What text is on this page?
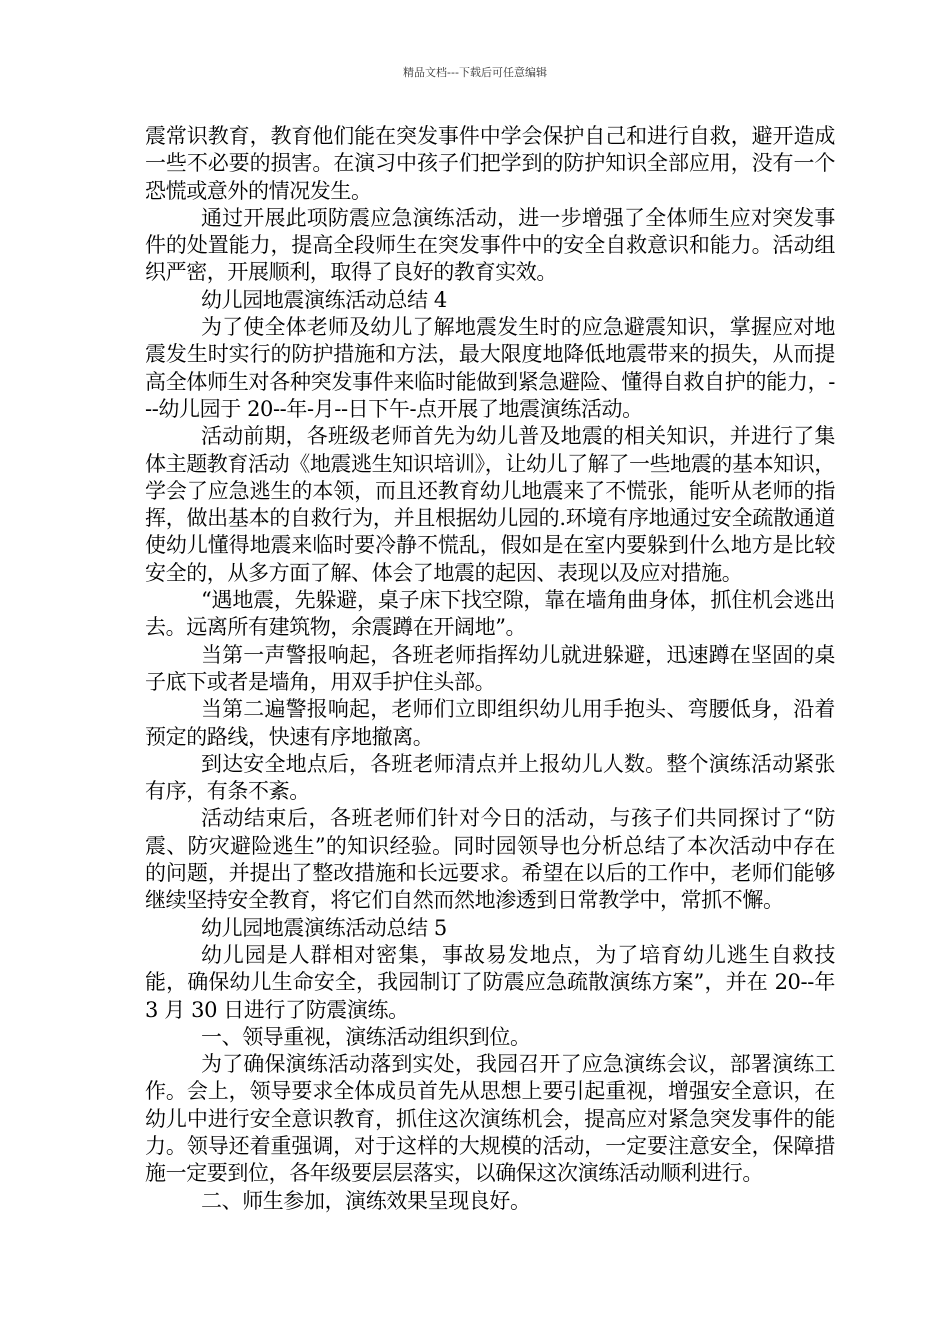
精品文档---下载后可任意编辑

震常识教育，教育他们能在突发事件中学会保护自己和进行自救，避开造成一些不必要的损害。在演习中孩子们把学到的防护知识全部应用，没有一个恐慌或意外的情况发生。

通过开展此项防震应急演练活动，进一步增强了全体师生应对突发事件的处置能力，提高全段师生在突发事件中的安全自救意识和能力。活动组织严密，开展顺利，取得了良好的教育实效。

幼儿园地震演练活动总结 4

为了使全体老师及幼儿了解地震发生时的应急避震知识，掌握应对地震发生时实行的防护措施和方法，最大限度地降低地震带来的损失，从而提高全体师生对各种突发事件来临时能做到紧急避险、懂得自救自护的能力，---幼儿园于 20--年-月--日下午-点开展了地震演练活动。

活动前期，各班级老师首先为幼儿普及地震的相关知识，并进行了集体主题教育活动《地震逃生知识培训》，让幼儿了解了一些地震的基本知识，学会了应急逃生的本领，而且还教育幼儿地震来了不慌张，能听从老师的指挥，做出基本的自救行为，并且根据幼儿园的.环境有序地通过安全疏散通道使幼儿懂得地震来临时要冷静不慌乱，假如是在室内要躲到什么地方是比较安全的，从多方面了解、体会了地震的起因、表现以及应对措施。

“遇地震，先躲避，桌子床下找空隙，靠在墙角曲身体，抓住机会逃出去。远离所有建筑物，余震蹲在开阔地”。

当第一声警报响起，各班老师指挥幼儿就进躲避，迅速蹲在坚固的桌子底下或者是墙角，用双手护住头部。

当第二遍警报响起，老师们立即组织幼儿用手抱头、弯腰低身，沿着预定的路线，快速有序地撤离。

到达安全地点后，各班老师清点并上报幼儿人数。整个演练活动紧张有序，有条不紊。

活动结束后，各班老师们针对今日的活动，与孩子们共同探讨了“防震、防灾避险逃生”的知识经验。同时园领导也分析总结了本次活动中存在的问题，并提出了整改措施和长远要求。希望在以后的工作中，老师们能够继续坚持安全教育，将它们自然而然地渗透到日常教学中，常抓不懈。

幼儿园地震演练活动总结 5

幼儿园是人群相对密集，事故易发地点，为了培育幼儿逃生自救技能，确保幼儿生命安全，我园制订了防震应急疏散演练方案”，并在 20--年 3 月 30 日进行了防震演练。

一、领导重视，演练活动组织到位。

为了确保演练活动落到实处，我园召开了应急演练会议，部署演练工作。会上，领导要求全体成员首先从思想上要引起重视，增强安全意识，在幼儿中进行安全意识教育，抓住这次演练机会，提高应对紧急突发事件的能力。领导还着重强调，对于这样的大规模的活动，一定要注意安全，保障措施一定要到位，各年级要层层落实，以确保这次演练活动顺利进行。

二、师生参加，演练效果呈现良好。
